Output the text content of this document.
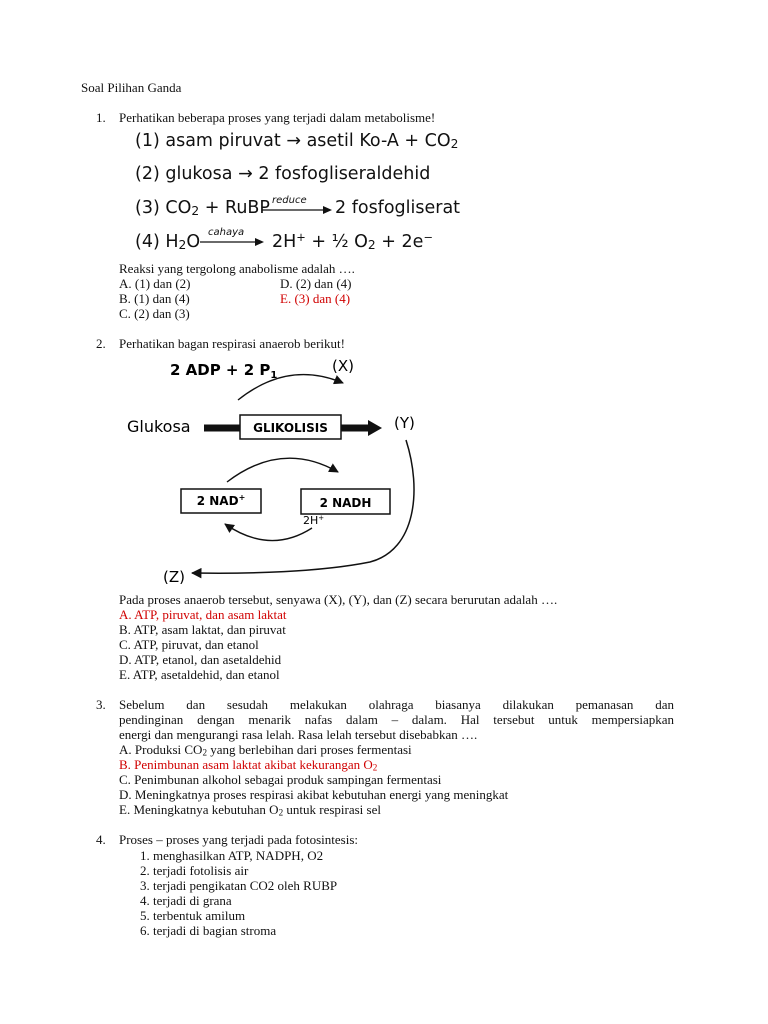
Soal Pilihan Ganda
1. Perhatikan beberapa proses yang terjadi dalam metabolisme!
(1) asam piruvat → asetil $Ko-A + CO_2$
(2) glukosa → 2 fosfogliseraldehid
(3) $CO_2$ + RuBP reduce 2 fosfogliserat
(4) $H_2O$ cahaya 2H+ + ½ $O_2 + 2e^-$
Reaksi yang tergolong anabolisme adalah ….
A. (1) dan (2)
B. (1) dan (4)
C. (2) dan (3)
D. (2) dan (4)
E. (3) dan (4)
2. Perhatikan bagan respirasi anaerob berikut!
2 ADP + 2 $P_1$
(X)
Glukosa	GLIKOLISIS	(Y)
2 NAD+	2 NADH
2H+
(Z)
Pada proses anaerob tersebut, senyawa (X), (Y), dan (Z) secara berurutan adalah ….
A. ATP, piruvat, dan asam laktat
B. ATP, asam laktat, dan piruvat
C. ATP, piruvat, dan etanol
D. ATP, etanol, dan asetaldehid
E. ATP, asetaldehid, dan etanol
3. Sebelum dan sesudah melakukan olahraga biasanya dilakukan pemanasan dan
pendinginan dengan menarik nafas dalam – dalam. Hal tersebut untuk mempersiapkan
energi dan mengurangi rasa lelah. Rasa lelah tersebut disebabkan ….
A. Produksi $CO_2$ yang berlebihan dari proses fermentasi
B. Penimbunan asam laktat akibat kekurangan $O_2$
C. Penimbunan alkohol sebagai produk sampingan fermentasi
D. Meningkatnya proses respirasi akibat kebutuhan energi yang meningkat
E. Meningkatnya kebutuhan $O_2$ untuk respirasi sel
4. Proses – proses yang terjadi pada fotosintesis:
1. menghasilkan ATP, NADPH, O2
2. terjadi fotolisis air
3. terjadi pengikatan CO2 oleh RUBP
4. terjadi di grana
5. terbentuk amilum
6. terjadi di bagian stroma
